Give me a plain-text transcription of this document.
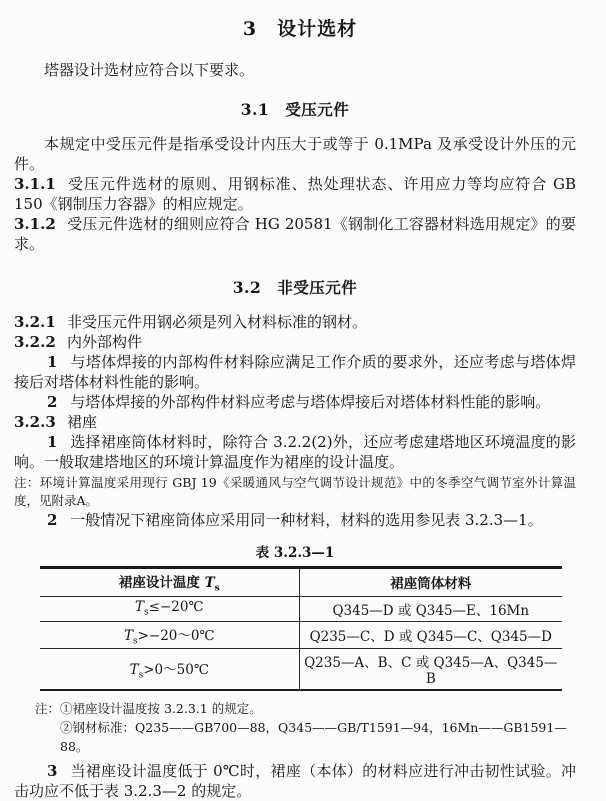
3　设计选材

塔器设计选材应符合以下要求。

3.1　受压元件

本规定中受压元件是指承受设计内压大于或等于 0.1MPa 及承受设计外压的元件。

3.1.1 受压元件选材的原则、用钢标准、热处理状态、许用应力等均应符合 GB 150《钢制压力容器》的相应规定。

3.1.2 受压元件选材的细则应符合 HG 20581《钢制化工容器材料选用规定》的要求。

3.2　非受压元件

3.2.1 非受压元件用钢必须是列入材料标准的钢材。

3.2.2 内外部构件

1 与塔体焊接的内部构件材料除应满足工作介质的要求外，还应考虑与塔体焊接后对塔体材料性能的影响。

2 与塔体焊接的外部构件材料应考虑与塔体焊接后对塔体材料性能的影响。

3.2.3 裙座

1 选择裙座筒体材料时，除符合 3.2.2(2)外，还应考虑建塔地区环境温度的影响。一般取建塔地区的环境计算温度作为裙座的设计温度。

注：环境计算温度采用现行 GBJ 19《采暖通风与空气调节设计规范》中的冬季空气调节室外计算温度，见附录A。

2 一般情况下裙座筒体应采用同一种材料，材料的选用参见表 3.2.3—1。

表 3.2.3—1
裙座设计温度 $T_s$	裙座筒体材料
$T_s\le-20℃$	Q345—D 或 Q345—E、16Mn
$T_s>-20\sim 0℃$	Q235—C、D 或 Q345—C、Q345—D
$T_s>0\sim 50℃$	Q235—A、B、C 或 Q345—A、Q345—B
注：①裙座设计温度按 3.2.3.1 的规定。
②钢材标准：Q235——GB700—88，Q345——GB/T1591—94，16Mn——GB1591—88。

3 当裙座设计温度低于 0℃时，裙座（本体）的材料应进行冲击韧性试验。冲击功应不低于表 3.2.3—2 的规定。
